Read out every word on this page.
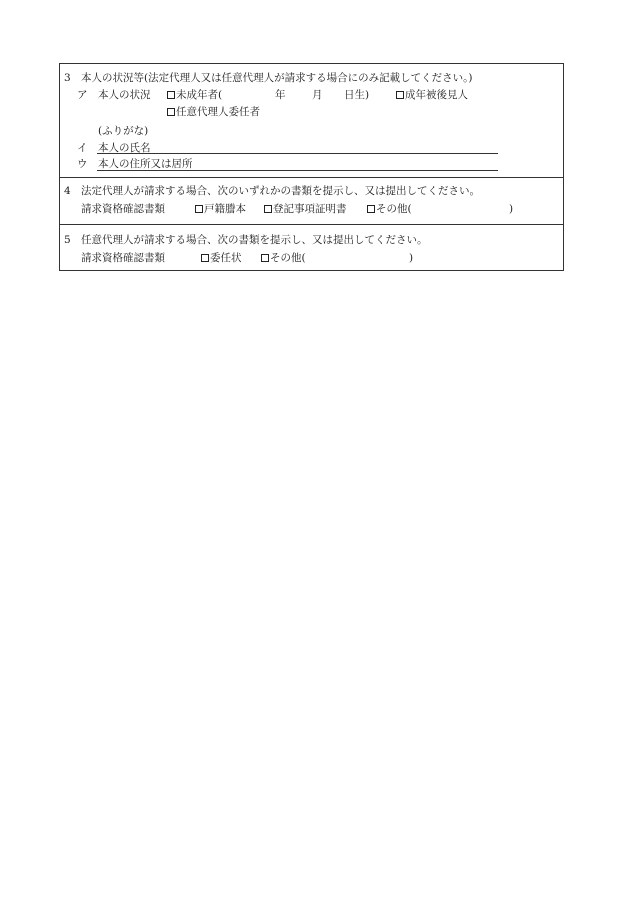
3 本人の状況等(法定代理人又は任意代理人が請求する場合にのみ記載してください。)
ア 本人の状況	未成年者(	年	月 日生)	成年被後見人
任意代理人委任者
(ふりがな)
イ 本人の氏名
ウ 本人の住所又は居所
4 法定代理人が請求する場合、次のいずれかの書類を提示し、又は提出してください。
請求資格確認書類	戸籍謄本	登記事項証明書	その他(	)
5 任意代理人が請求する場合、次の書類を提示し、又は提出してください。
請求資格確認書類	委任状	その他(	)
